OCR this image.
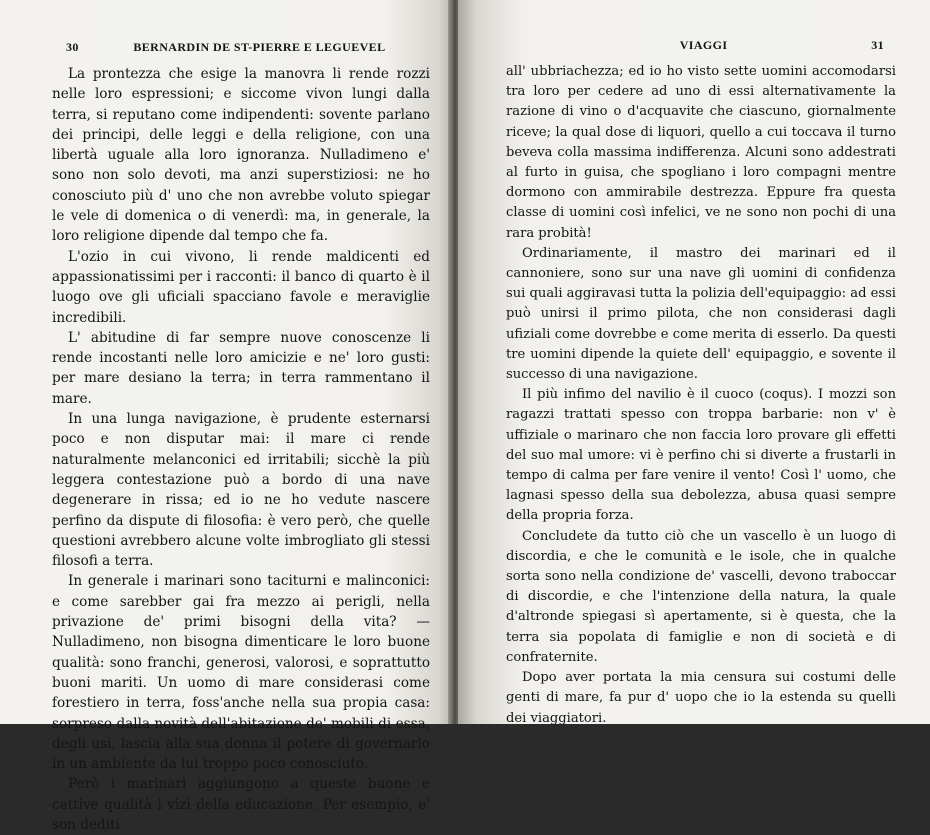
30	BERNARDIN DE ST-PIERRE E LEGUEVEL

La prontezza che esige la manovra li rende rozzi nelle loro espressioni; e siccome vivon lungi dalla terra, si reputano come indipendenti: sovente parlano dei principi, delle leggi e della religione, con una libertà uguale alla loro ignoranza. Nulladimeno e' sono non solo devoti, ma anzi superstiziosi: ne ho conosciuto più d' uno che non avrebbe voluto spiegar le vele di domenica o di venerdì: ma, in generale, la loro religione dipende dal tempo che fa.

L'ozio in cui vivono, li rende maldicenti ed appassionatissimi per i racconti: il banco di quarto è il luogo ove gli uficiali spacciano favole e meraviglie incredibili.

L' abitudine di far sempre nuove conoscenze li rende incostanti nelle loro amicizie e ne' loro gusti: per mare desiano la terra; in terra rammentano il mare.

In una lunga navigazione, è prudente esternarsi poco e non disputar mai: il mare ci rende naturalmente melanconici ed irritabili; sicchè la più leggera contestazione può a bordo di una nave degenerare in rissa; ed io ne ho vedute nascere perfino da dispute di filosofia: è vero però, che quelle questioni avrebbero alcune volte imbrogliato gli stessi filosofi a terra.

In generale i marinari sono taciturni e malinconici: e come sarebber gai fra mezzo ai perigli, nella privazione de' primi bisogni della vita? — Nulladimeno, non bisogna dimenticare le loro buone qualità: sono franchi, generosi, valorosi, e soprattutto buoni mariti. Un uomo di mare considerasi come forestiero in terra, foss'anche nella sua propia casa: sorpreso dalla novità dell'abitazione de' mobili di essa, degli usi, lascia alla sua donna il potere di governarlo in un ambiente da lui troppo poco conosciuto.

Però i marinari aggiungono a queste buone e cattive qualità i vizi della educazione. Per esempio, e' son dediti

VIAGGI	31

all' ubbriachezza; ed io ho visto sette uomini accomodarsi tra loro per cedere ad uno di essi alternativamente la razione di vino o d'acquavite che ciascuno, giornalmente riceve; la qual dose di liquori, quello a cui toccava il turno beveva colla massima indifferenza. Alcuni sono addestrati al furto in guisa, che spogliano i loro compagni mentre dormono con ammirabile destrezza. Eppure fra questa classe di uomini così infelici, ve ne sono non pochi di una rara probità!

Ordinariamente, il mastro dei marinari ed il cannoniere, sono sur una nave gli uomini di confidenza sui quali aggiravasi tutta la polizia dell'equipaggio: ad essi può unirsi il primo pilota, che non considerasi dagli ufiziali come dovrebbe e come merita di esserlo. Da questi tre uomini dipende la quiete dell' equipaggio, e sovente il successo di una navigazione.

Il più infimo del navilio è il cuoco (coqus). I mozzi son ragazzi trattati spesso con troppa barbarie: non v' è uffiziale o marinaro che non faccia loro provare gli effetti del suo mal umore: vi è perfino chi si diverte a frustarli in tempo di calma per fare venire il vento! Così l' uomo, che lagnasi spesso della sua debolezza, abusa quasi sempre della propria forza.

Concludete da tutto ciò che un vascello è un luogo di discordia, e che le comunità e le isole, che in qualche sorta sono nella condizione de' vascelli, devono traboccar di discordie, e che l'intenzione della natura, la quale d'altronde spiegasi sì apertamente, si è questa, che la terra sia popolata di famiglie e non di società e di confraternite.

Dopo aver portata la mia censura sui costumi delle genti di mare, fa pur d' uopo che io la estenda su quelli dei viaggiatori.
